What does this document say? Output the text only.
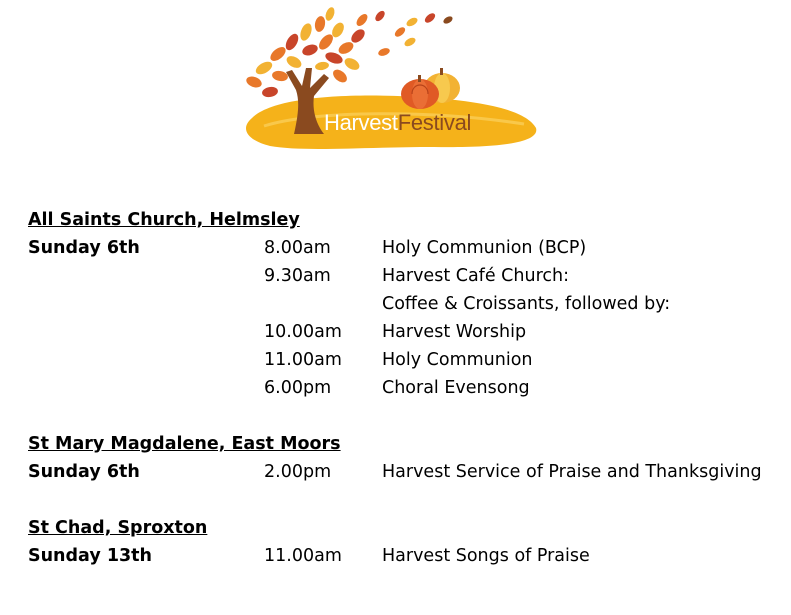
HarvestFestival
All Saints Church, Helmsley
Sunday 6th	8.00am	Holy Communion (BCP)
9.30am	Harvest Café Church:
Coffee & Croissants, followed by:
10.00am Harvest Worship
11.00am Holy Communion
6.00pm	Choral Evensong
St Mary Magdalene, East Moors
Sunday 6th	2.00pm	Harvest Service of Praise and Thanksgiving
St Chad, Sproxton
Sunday 13th	11.00am Harvest Songs of Praise
